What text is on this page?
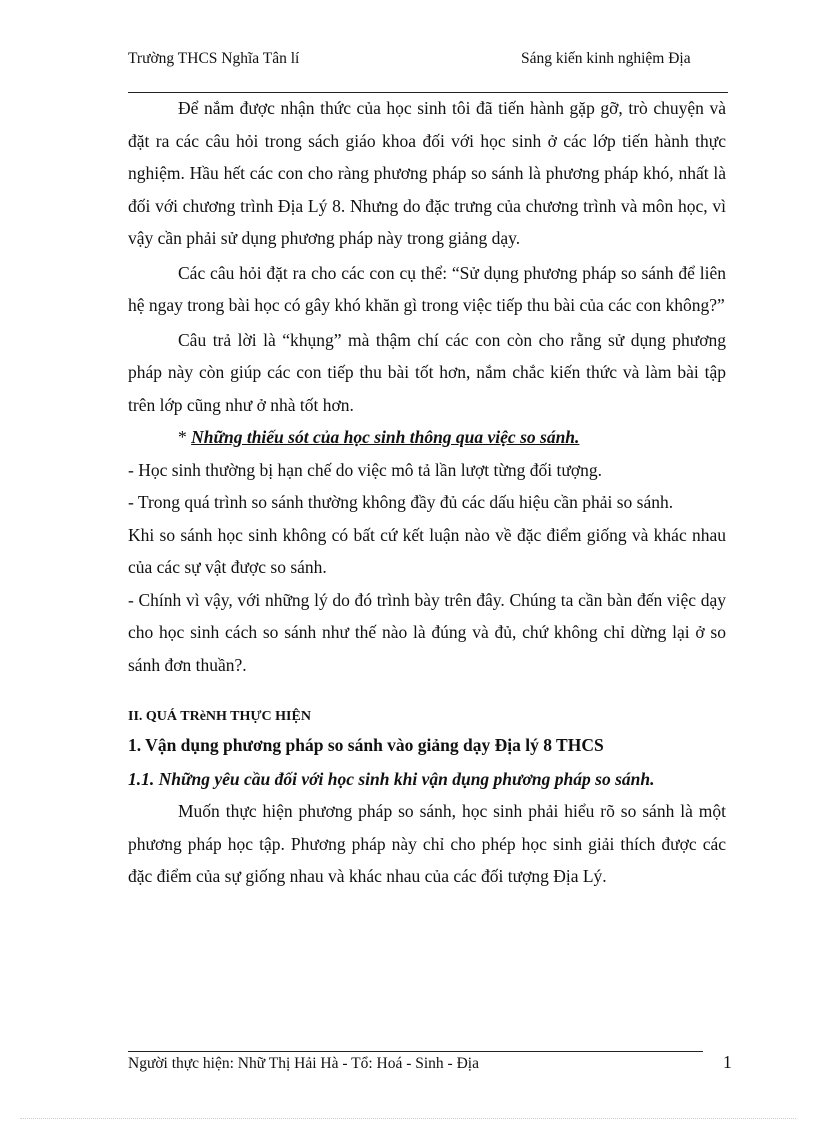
Trường THCS Nghĩa Tân lí	Sáng kiến kinh nghiệm Địa

Để nắm được nhận thức của học sinh tôi đã tiến hành gặp gỡ, trò chuyện và đặt ra các câu hỏi trong sách giáo khoa đối với học sinh ở các lớp tiến hành thực nghiệm. Hầu hết các con cho ràng phương pháp so sánh là phương pháp khó, nhất là đối với chương trình Địa Lý 8. Nhưng do đặc trưng của chương trình và môn học, vì vậy cần phải sử dụng phương pháp này trong giảng dạy.

Các câu hỏi đặt ra cho các con cụ thể: “Sử dụng phương pháp so sánh để liên hệ ngay trong bài học có gây khó khăn gì trong việc tiếp thu bài của các con không?”

Câu trả lời là “khụng” mà thậm chí các con còn cho rằng sử dụng phương pháp này còn giúp các con tiếp thu bài tốt hơn, nắm chắc kiến thức và làm bài tập trên lớp cũng như ở nhà tốt hơn.

* Những thiếu sót của học sinh thông qua việc so sánh.

- Học sinh thường bị hạn chế do việc mô tả lần lượt từng đối tượng.

- Trong quá trình so sánh thường không đầy đủ các dấu hiệu cần phải so sánh.

Khi so sánh học sinh không có bất cứ kết luận nào về đặc điểm giống và khác nhau của các sự vật được so sánh.

- Chính vì vậy, với những lý do đó trình bày trên đây. Chúng ta cần bàn đến việc dạy cho học sinh cách so sánh như thế nào là đúng và đủ, chứ không chỉ dừng lại ở so sánh đơn thuần?.

II. QUÁ TRèNH THỰC HIỆN
1. Vận dụng phương pháp so sánh vào giảng dạy Địa lý 8 THCS
1.1. Những yêu cầu đối với học sinh khi vận dụng phương pháp so sánh.

Muốn thực hiện phương pháp so sánh, học sinh phải hiểu rõ so sánh là một phương pháp học tập. Phương pháp này chỉ cho phép học sinh giải thích được các đặc điểm của sự giống nhau và khác nhau của các đối tượng Địa Lý.

Người thực hiện: Nhữ Thị Hải Hà - Tổ: Hoá - Sinh - Địa	1
